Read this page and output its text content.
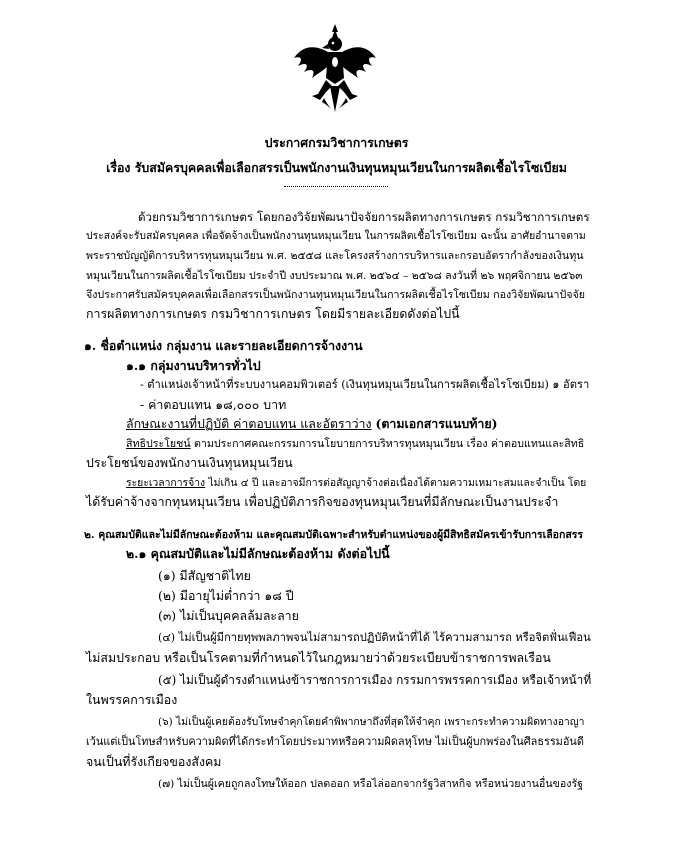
ประกาศกรมวิชาการเกษตร
เรื่อง รับสมัครบุคคลเพื่อเลือกสรรเป็นพนักงานเงินทุนหมุนเวียนในการผลิตเชื้อไรโซเบียม
ด้วยกรมวิชาการเกษตร โดยกองวิจัยพัฒนาปัจจัยการผลิตทางการเกษตร กรมวิชาการเกษตร
ประสงค์จะรับสมัครบุคคล เพื่อจัดจ้างเป็นพนักงานทุนหมุนเวียน ในการผลิตเชื้อไรโซเบียม ฉะนั้น อาศัยอำนาจตาม
พระราชบัญญัติการบริหารทุนหมุนเวียน พ.ศ. ๒๕๕๘ และโครงสร้างการบริหารและกรอบอัตรากำลังของเงินทุน
หมุนเวียนในการผลิตเชื้อไรโซเบียม ประจำปี งบประมาณ พ.ศ. ๒๕๖๔ – ๒๕๖๘ ลงวันที่ ๒๖ พฤศจิกายน ๒๕๖๓
จึงประกาศรับสมัครบุคคลเพื่อเลือกสรรเป็นพนักงานทุนหมุนเวียนในการผลิตเชื้อไรโซเบียม กองวิจัยพัฒนาปัจจัย
การผลิตทางการเกษตร กรมวิชาการเกษตร โดยมีรายละเอียดดังต่อไปนี้
๑. ชื่อตำแหน่ง กลุ่มงาน และรายละเอียดการจ้างงาน
๑.๑ กลุ่มงานบริหารทั่วไป
- ตำแหน่งเจ้าหน้าที่ระบบงานคอมพิวเตอร์ (เงินทุนหมุนเวียนในการผลิตเชื้อไรโซเบียม) ๑ อัตรา
- ค่าตอบแทน ๑๘,๐๐๐ บาท
ลักษณะงานที่ปฏิบัติ ค่าตอบแทน และอัตราว่าง (ตามเอกสารแนบท้าย)
สิทธิประโยชน์ ตามประกาศคณะกรรมการนโยบายการบริหารทุนหมุนเวียน เรื่อง ค่าตอบแทนและสิทธิ
ประโยชน์ของพนักงานเงินทุนหมุนเวียน
ระยะเวลาการจ้าง ไม่เกิน ๔ ปี และอาจมีการต่อสัญญาจ้างต่อเนื่องได้ตามความเหมาะสมและจำเป็น โดย
ได้รับค่าจ้างจากทุนหมุนเวียน เพื่อปฏิบัติภารกิจของทุนหมุนเวียนที่มีลักษณะเป็นงานประจำ
๒. คุณสมบัติและไม่มีลักษณะต้องห้าม และคุณสมบัติเฉพาะสำหรับตำแหน่งของผู้มีสิทธิสมัครเข้ารับการเลือกสรร
๒.๑ คุณสมบัติและไม่มีลักษณะต้องห้าม ดังต่อไปนี้
(๑) มีสัญชาติไทย
(๒) มีอายุไม่ต่ำกว่า ๑๘ ปี
(๓) ไม่เป็นบุคคลล้มละลาย
(๔) ไม่เป็นผู้มีกายทุพพลภาพจนไม่สามารถปฏิบัติหน้าที่ได้ ไร้ความสามารถ หรือจิตฟั่นเฟือน
ไม่สมประกอบ หรือเป็นโรคตามที่กำหนดไว้ในกฎหมายว่าด้วยระเบียบข้าราชการพลเรือน
(๕) ไม่เป็นผู้ดำรงตำแหน่งข้าราชการการเมือง กรรมการพรรคการเมือง หรือเจ้าหน้าที่
ในพรรคการเมือง
(๖) ไม่เป็นผู้เคยต้องรับโทษจำคุกโดยคำพิพากษาถึงที่สุดให้จำคุก เพราะกระทำความผิดทางอาญา
เว้นแต่เป็นโทษสำหรับความผิดที่ได้กระทำโดยประมาทหรือความผิดลหุโทษ ไม่เป็นผู้บกพร่องในศีลธรรมอันดี
จนเป็นที่รังเกียจของสังคม
(๗) ไม่เป็นผู้เคยถูกลงโทษให้ออก ปลดออก หรือไล่ออกจากรัฐวิสาหกิจ หรือหน่วยงานอื่นของรัฐ
